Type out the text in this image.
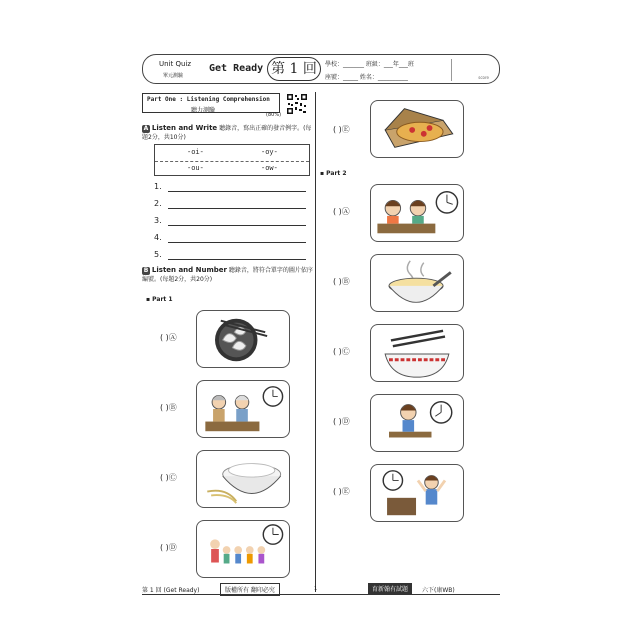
Unit Quiz
單元測驗
Get Ready 第 1 回	學校：_______ 班級：___年___班
座號：_____ 姓名：__________	score
Part One : Listening Comprehension
聽力測驗
(80%)
A Listen and Write 聽錄音，寫出正確的發音例字。(每題2分，共10分)
-oi-	-oy-
-ou-	-ow-
1.
2.
3.
4.
5.
B Listen and Number 聽錄音，將符合單字的圖片依序編號。(每題2分，共20分)
▪ Part 1
( )Ⓐ
( )Ⓑ
( )Ⓒ
( )Ⓓ
( )Ⓔ
▪ Part 2
( )Ⓐ
( )Ⓑ
( )Ⓒ
( )Ⓓ
( )Ⓔ
第 1 回 (Get Ready)	版權所有 翻印必究	1	育新翰有試題	六下(康WB)
